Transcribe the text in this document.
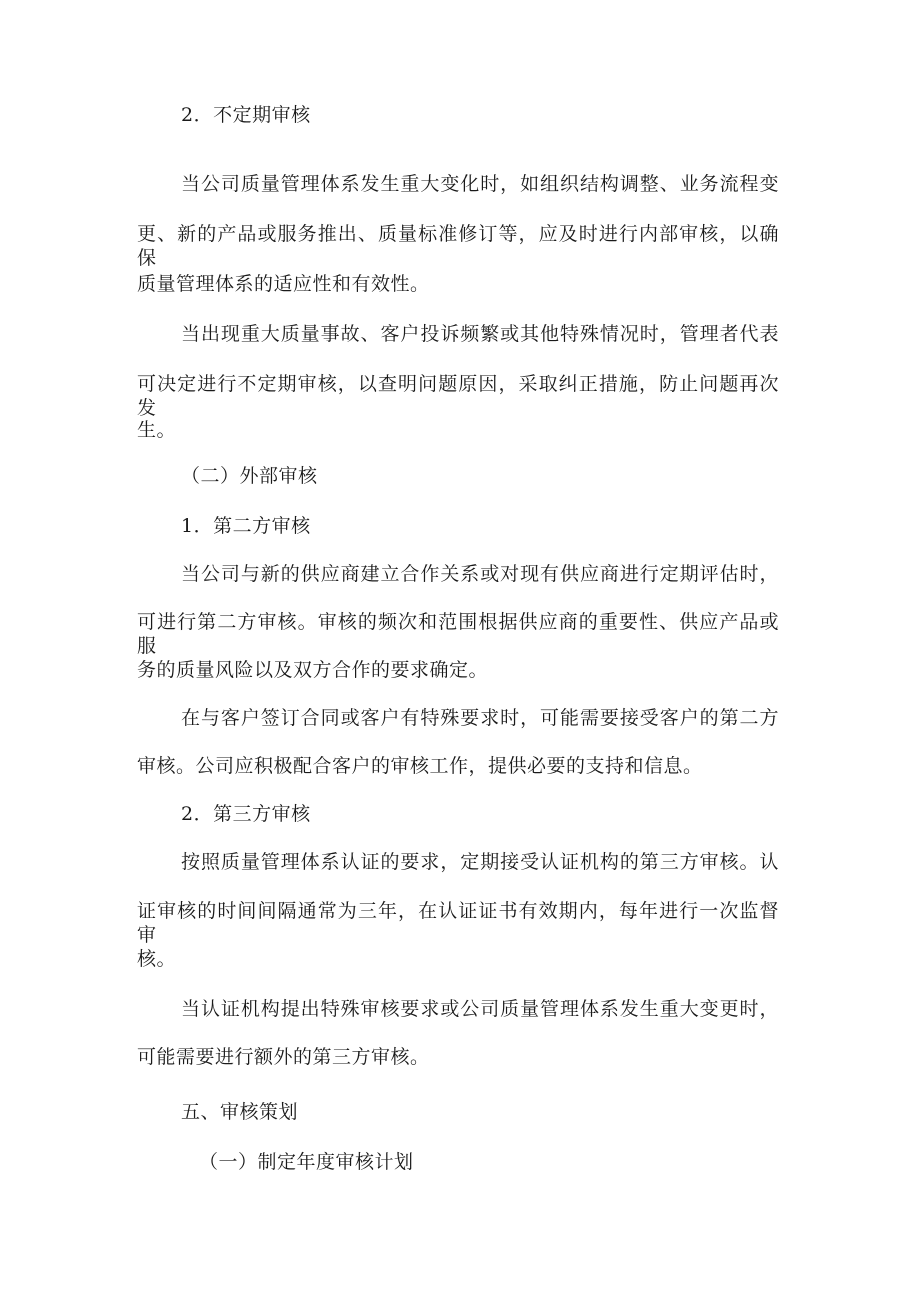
2．不定期审核
当公司质量管理体系发生重大变化时，如组织结构调整、业务流程变
更、新的产品或服务推出、质量标准修订等，应及时进行内部审核，以确保
质量管理体系的适应性和有效性。
当出现重大质量事故、客户投诉频繁或其他特殊情况时，管理者代表
可决定进行不定期审核，以查明问题原因，采取纠正措施，防止问题再次发
生。
（二）外部审核
1．第二方审核
当公司与新的供应商建立合作关系或对现有供应商进行定期评估时，
可进行第二方审核。审核的频次和范围根据供应商的重要性、供应产品或服
务的质量风险以及双方合作的要求确定。
在与客户签订合同或客户有特殊要求时，可能需要接受客户的第二方
审核。公司应积极配合客户的审核工作，提供必要的支持和信息。
2．第三方审核
按照质量管理体系认证的要求，定期接受认证机构的第三方审核。认
证审核的时间间隔通常为三年，在认证证书有效期内，每年进行一次监督审
核。
当认证机构提出特殊审核要求或公司质量管理体系发生重大变更时，
可能需要进行额外的第三方审核。
五、审核策划
（一）制定年度审核计划
